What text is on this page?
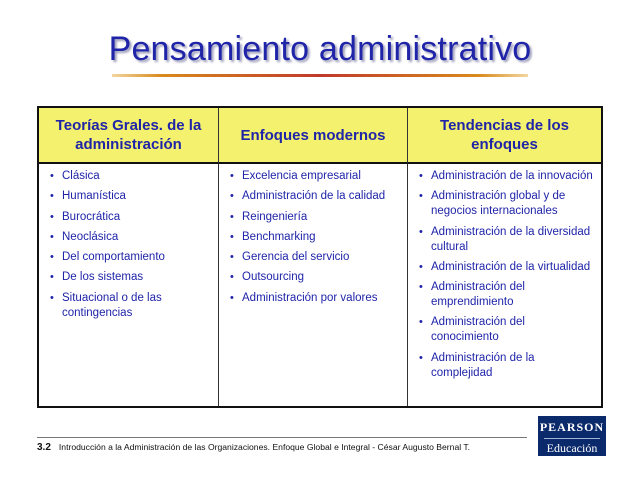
Pensamiento administrativo
Teorías Grales. de la administración
Enfoques modernos
Tendencias de los enfoques
• Clásica
• Humanística
• Burocrática
• Neoclásica
• Del comportamiento
• De los sistemas
• Situacional o de las contingencias
• Excelencia empresarial
• Administración de la calidad
• Reingeniería
• Benchmarking
• Gerencia del servicio
• Outsourcing
• Administración por valores
• Administración de la innovación
• Administración global y de negocios internacionales
• Administración de la diversidad cultural
• Administración de la virtualidad
• Administración del emprendimiento
• Administración del conocimiento
• Administración de la complejidad
3.2 Introducción a la Administración de las Organizaciones. Enfoque Global e Integral - César Augusto Bernal T.
PEARSON
Educación
